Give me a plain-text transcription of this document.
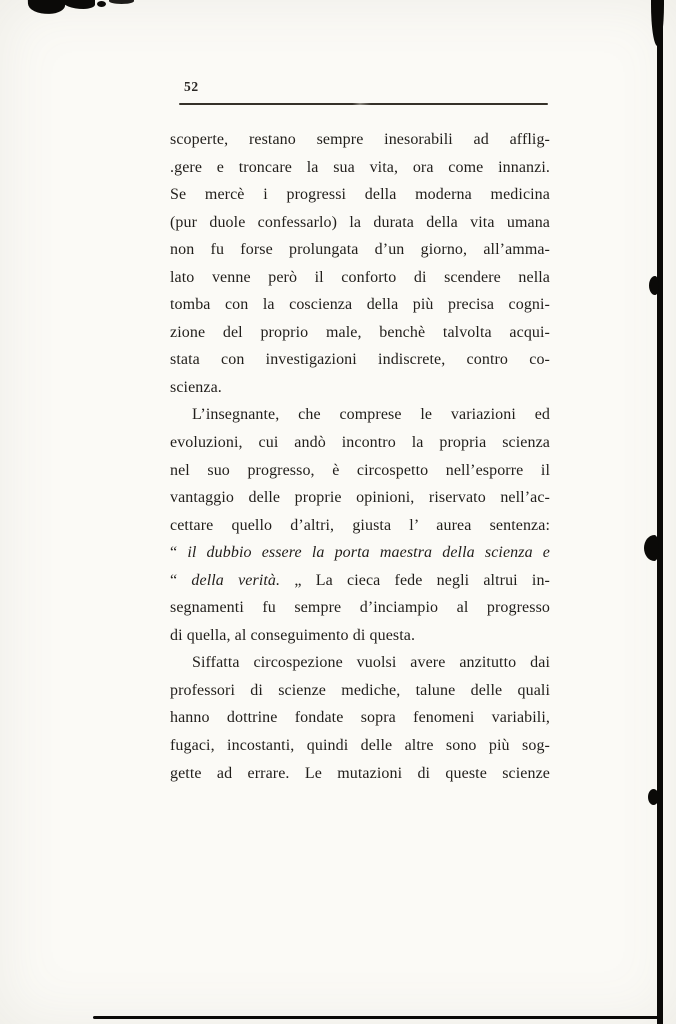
52
scoperte, restano sempre inesorabili ad afflig-
.gere e troncare la sua vita, ora come innanzi.
Se mercè i progressi della moderna medicina
(pur duole confessarlo) la durata della vita umana
non fu forse prolungata d’un giorno, all’amma-
lato venne però il conforto di scendere nella
tomba con la coscienza della più precisa cogni-
zione del proprio male, benchè talvolta acqui-
stata con investigazioni indiscrete, contro co-
scienza.
L’insegnante, che comprese le variazioni ed
evoluzioni, cui andò incontro la propria scienza
nel suo progresso, è circospetto nell’esporre il
vantaggio delle proprie opinioni, riservato nell’ac-
cettare quello d’altri, giusta l’ aurea sentenza:
“ il dubbio essere la porta maestra della scienza e
“ della verità. „ La cieca fede negli altrui in-
segnamenti fu sempre d’inciampio al progresso
di quella, al conseguimento di questa.
Siffatta circospezione vuolsi avere anzitutto dai
professori di scienze mediche, talune delle quali
hanno dottrine fondate sopra fenomeni variabili,
fugaci, incostanti, quindi delle altre sono più sog-
gette ad errare. Le mutazioni di queste scienze
